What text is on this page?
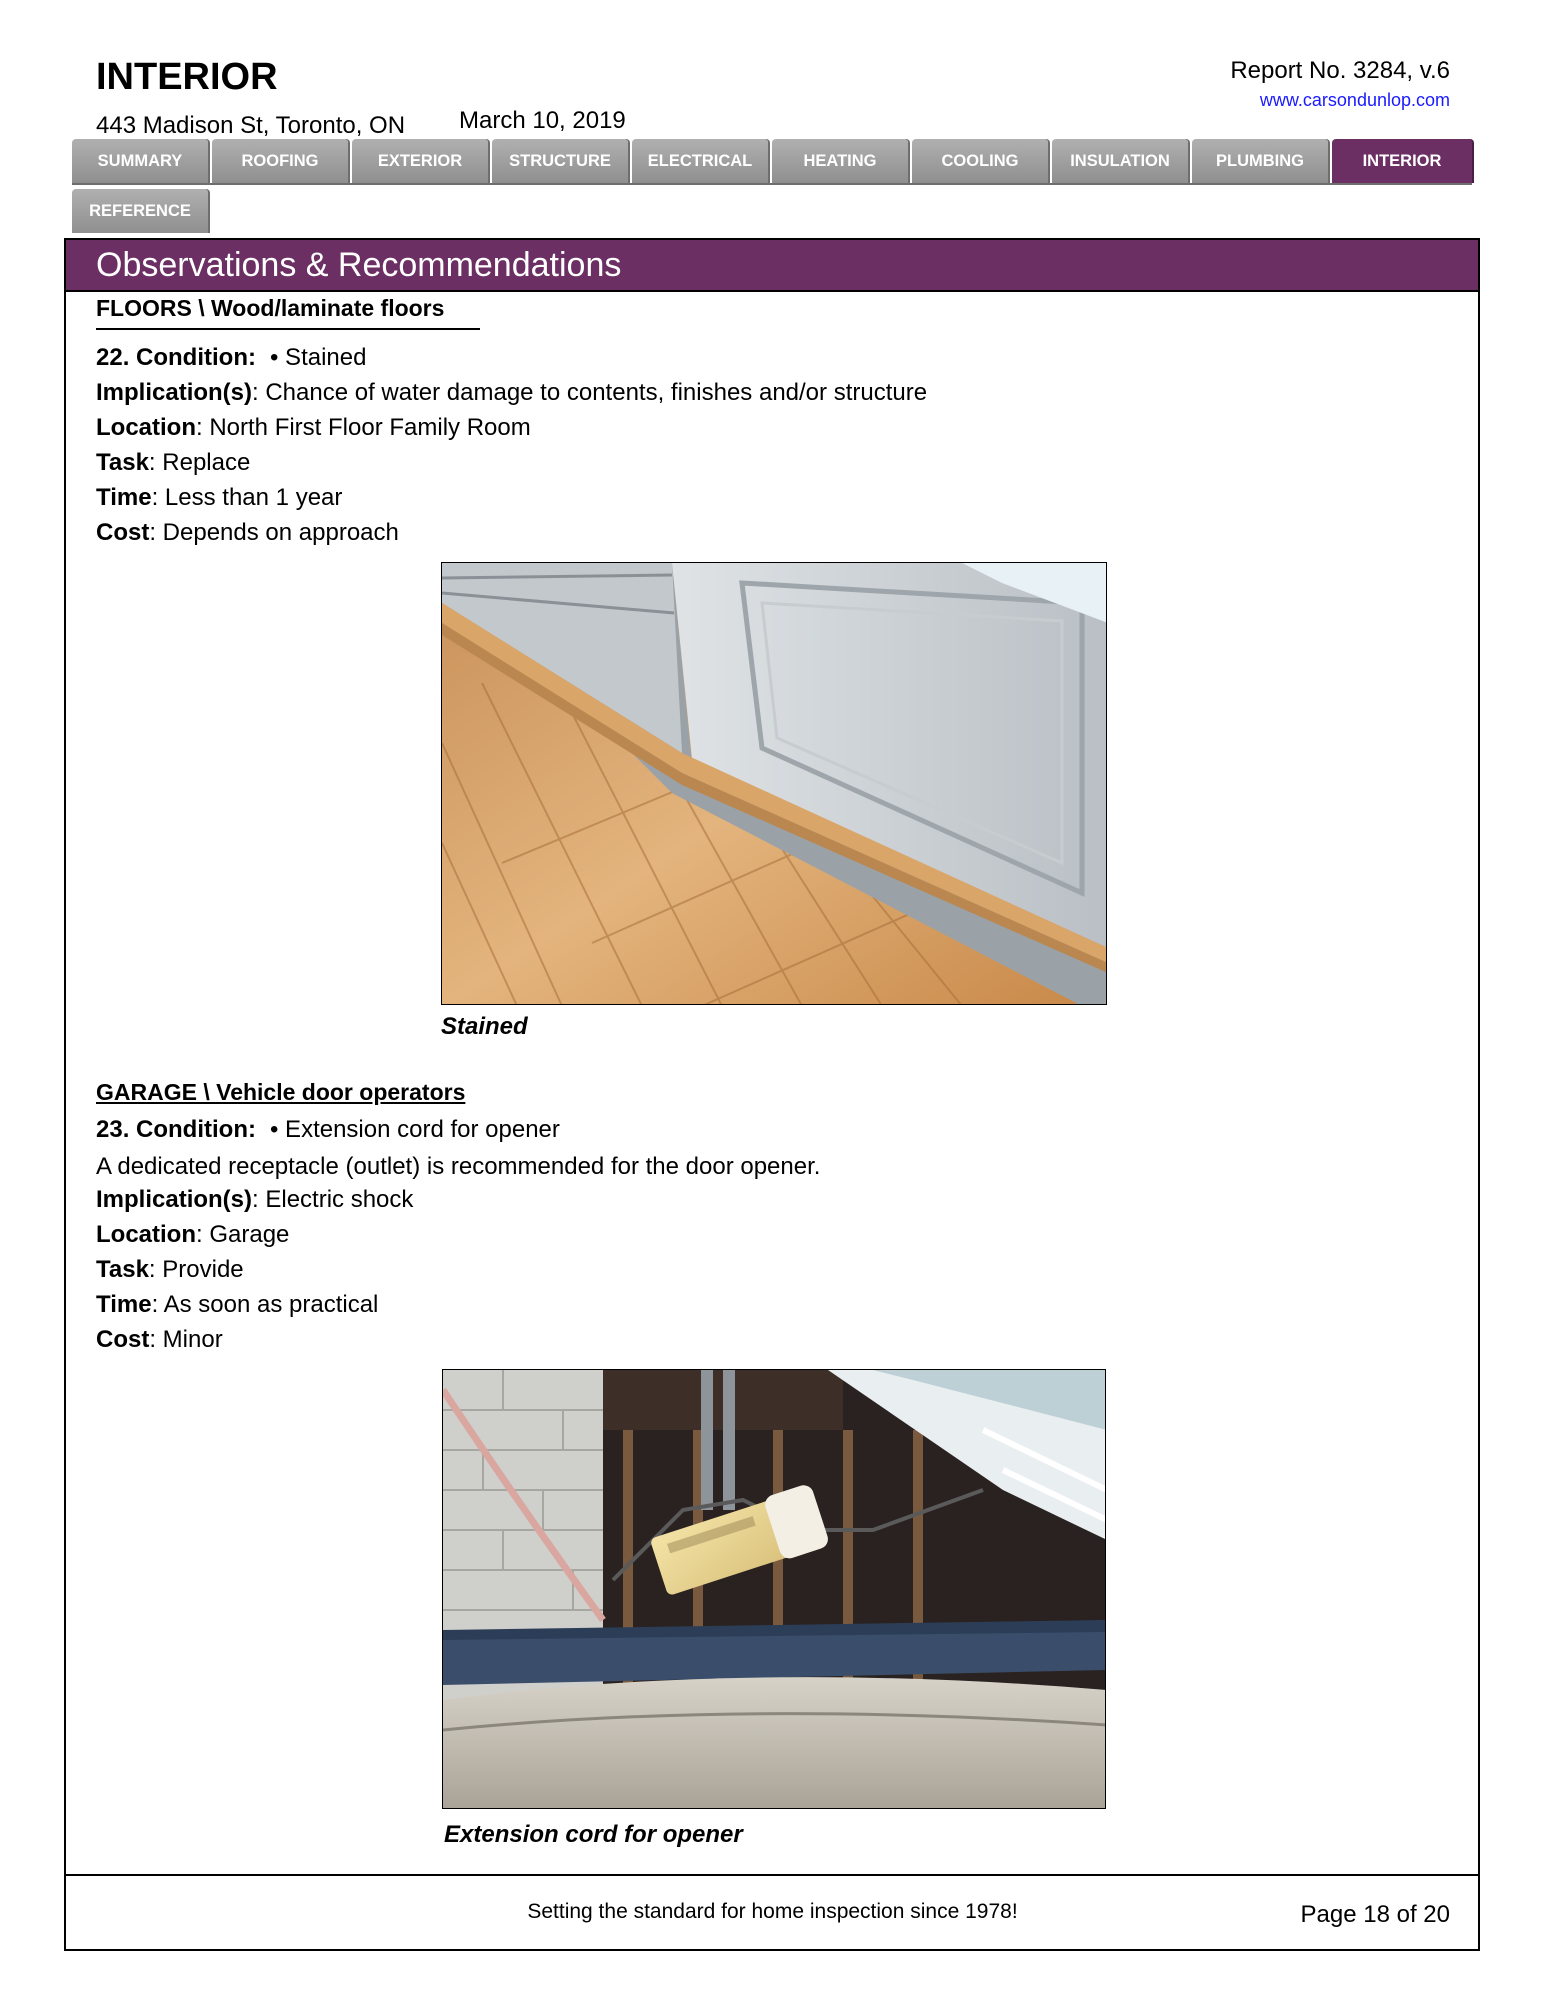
INTERIOR
443 Madison St, Toronto, ON March 10, 2019
Report No. 3284, v.6
www.carsondunlop.com
SUMMARY	ROOFING	EXTERIOR	STRUCTURE	ELECTRICAL	HEATING	COOLING	INSULATION	PLUMBING	INTERIOR
REFERENCE
Observations & Recommendations
FLOORS \ Wood/laminate floors
22. Condition: • Stained
Implication(s): Chance of water damage to contents, finishes and/or structure
Location: North First Floor Family Room
Task: Replace
Time: Less than 1 year
Cost: Depends on approach
Stained
GARAGE \ Vehicle door operators
23. Condition: • Extension cord for opener
A dedicated receptacle (outlet) is recommended for the door opener.
Implication(s): Electric shock
Location: Garage
Task: Provide
Time: As soon as practical
Cost: Minor
Extension cord for opener
Setting the standard for home inspection since 1978!	Page 18 of 20
